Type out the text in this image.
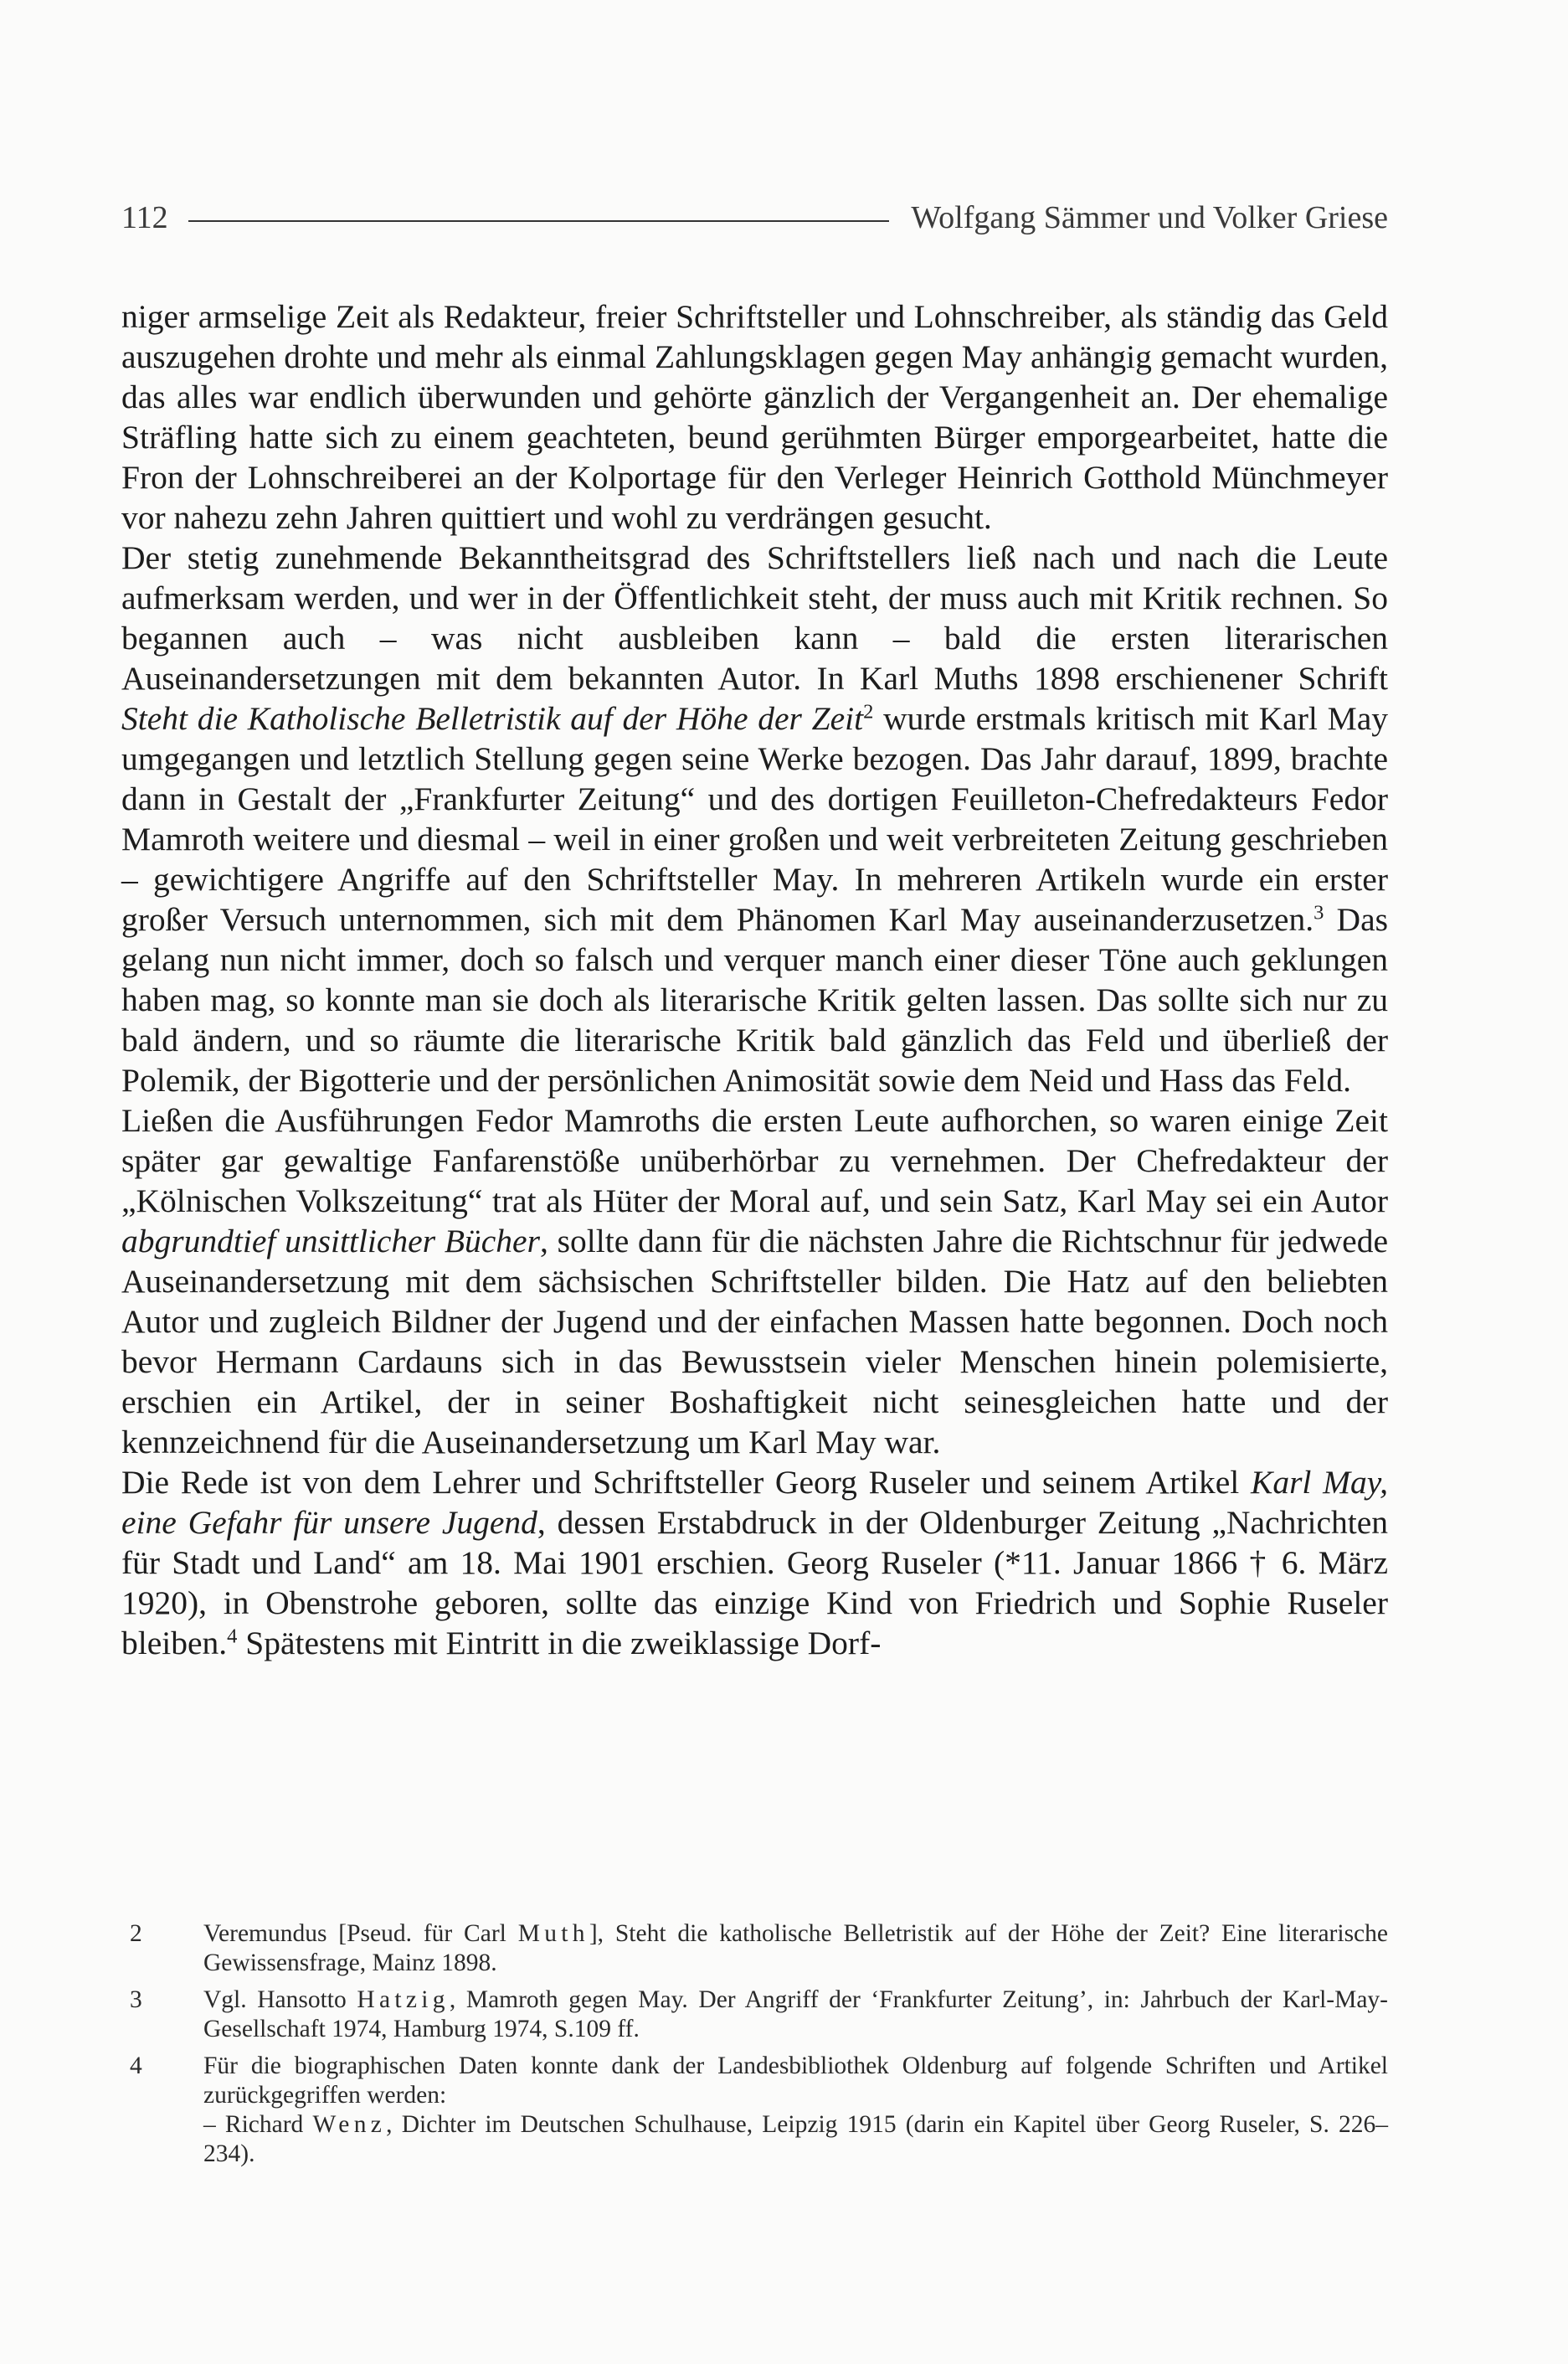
112	Wolfgang Sämmer und Volker Griese

niger armselige Zeit als Redakteur, freier Schriftsteller und Lohnschreiber, als ständig das Geld auszugehen drohte und mehr als einmal Zahlungsklagen gegen May anhängig gemacht wurden, das alles war endlich überwunden und gehörte gänzlich der Vergangenheit an. Der ehemalige Sträfling hatte sich zu einem geachteten, beund gerühmten Bürger emporgearbeitet, hatte die Fron der Lohnschreiberei an der Kolportage für den Verleger Heinrich Gotthold Münchmeyer vor nahezu zehn Jahren quittiert und wohl zu verdrängen gesucht.

Der stetig zunehmende Bekanntheitsgrad des Schriftstellers ließ nach und nach die Leute aufmerksam werden, und wer in der Öffentlichkeit steht, der muss auch mit Kritik rechnen. So begannen auch – was nicht ausbleiben kann – bald die ersten literarischen Auseinandersetzungen mit dem bekannten Autor. In Karl Muths 1898 erschienener Schrift Steht die Katholische Belletristik auf der Höhe der Zeit$^2$ wurde erstmals kritisch mit Karl May umgegangen und letztlich Stellung gegen seine Werke bezogen. Das Jahr darauf, 1899, brachte dann in Gestalt der „Frankfurter Zeitung“ und des dortigen Feuilleton-Chefredakteurs Fedor Mamroth weitere und diesmal – weil in einer großen und weit verbreiteten Zeitung geschrieben – gewichtigere Angriffe auf den Schriftsteller May. In mehreren Artikeln wurde ein erster großer Versuch unternommen, sich mit dem Phänomen Karl May auseinanderzusetzen.$^3$ Das gelang nun nicht immer, doch so falsch und verquer manch einer dieser Töne auch geklungen haben mag, so konnte man sie doch als literarische Kritik gelten lassen. Das sollte sich nur zu bald ändern, und so räumte die literarische Kritik bald gänzlich das Feld und überließ der Polemik, der Bigotterie und der persönlichen Animosität sowie dem Neid und Hass das Feld.

Ließen die Ausführungen Fedor Mamroths die ersten Leute aufhorchen, so waren einige Zeit später gar gewaltige Fanfarenstöße unüberhörbar zu vernehmen. Der Chefredakteur der „Kölnischen Volkszeitung“ trat als Hüter der Moral auf, und sein Satz, Karl May sei ein Autor abgrundtief unsittlicher Bücher, sollte dann für die nächsten Jahre die Richtschnur für jedwede Auseinandersetzung mit dem sächsischen Schriftsteller bilden. Die Hatz auf den beliebten Autor und zugleich Bildner der Jugend und der einfachen Massen hatte begonnen. Doch noch bevor Hermann Cardauns sich in das Bewusstsein vieler Menschen hinein polemisierte, erschien ein Artikel, der in seiner Boshaftigkeit nicht seinesgleichen hatte und der kennzeichnend für die Auseinandersetzung um Karl May war.

Die Rede ist von dem Lehrer und Schriftsteller Georg Ruseler und seinem Artikel Karl May, eine Gefahr für unsere Jugend, dessen Erstabdruck in der Oldenburger Zeitung „Nachrichten für Stadt und Land“ am 18. Mai 1901 erschien. Georg Ruseler (*11. Januar 1866 † 6. März 1920), in Obenstrohe geboren, sollte das einzige Kind von Friedrich und Sophie Ruseler bleiben.$^4$ Spätestens mit Eintritt in die zweiklassige Dorf-

2 Veremundus [Pseud. für Carl Muth], Steht die katholische Belletristik auf der Höhe der Zeit? Eine literarische Gewissensfrage, Mainz 1898.
3 Vgl. Hansotto Hatzig, Mamroth gegen May. Der Angriff der ‘Frankfurter Zeitung’, in: Jahrbuch der Karl-May-Gesellschaft 1974, Hamburg 1974, S.109 ff.
4 Für die biographischen Daten konnte dank der Landesbibliothek Oldenburg auf folgende Schriften und Artikel zurückgegriffen werden:
– Richard Wenz, Dichter im Deutschen Schulhause, Leipzig 1915 (darin ein Kapitel über Georg Ruseler, S. 226–234).
